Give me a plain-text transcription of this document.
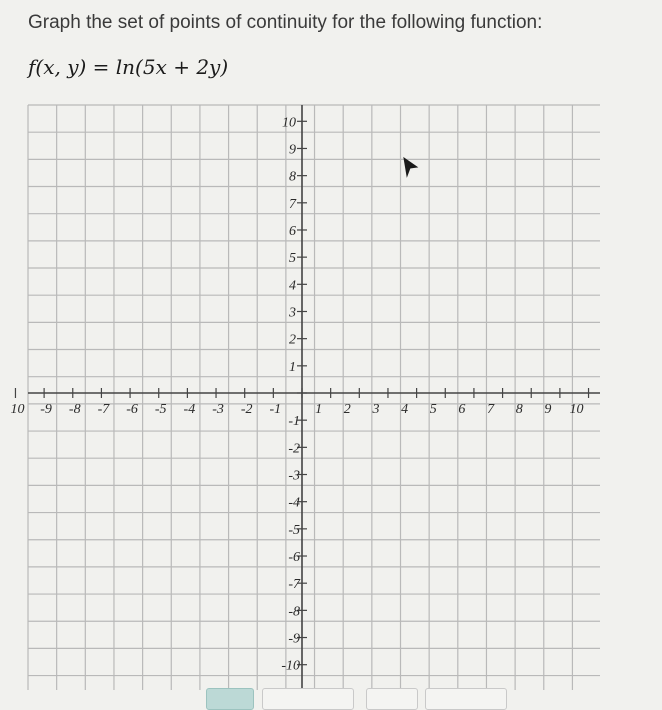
Graph the set of points of continuity for the following function:
f(x, y) = ln(5x + 2y)
10 -9 -8 -7 -6 -5 -4 -3 -2 -1 1 2 3 4 5 6 7 8 9 10
10
9
8
7
6
5
4
3
2
1
-1
-2
-3
-4
-5
-6
-7
-8
-9
-10
